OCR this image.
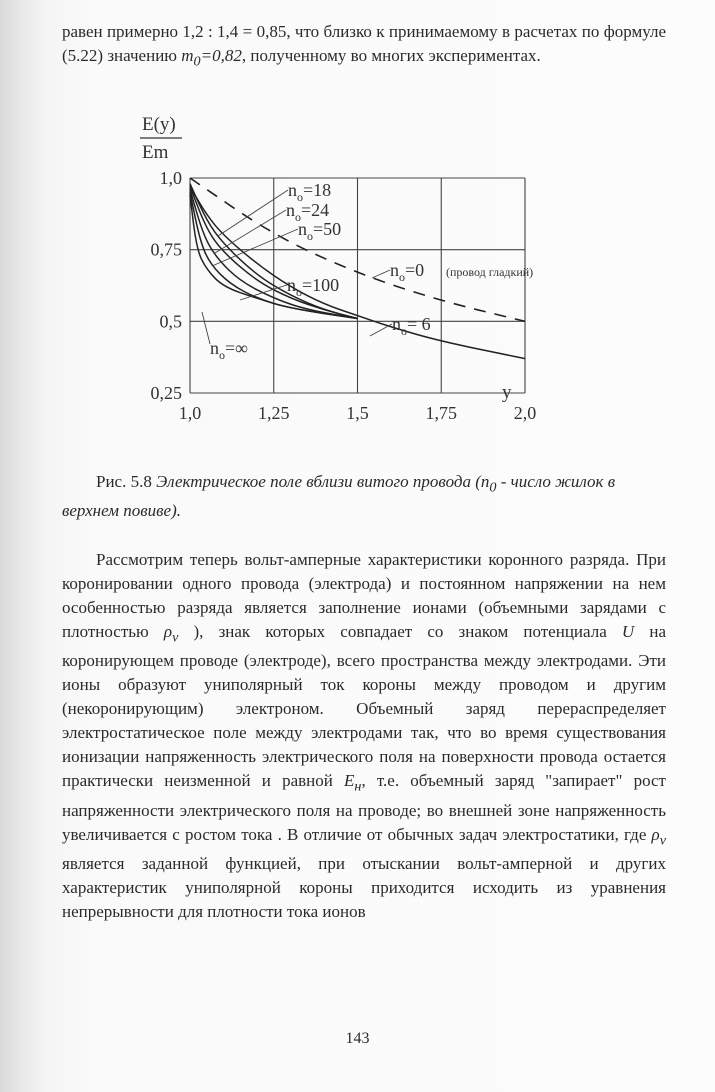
равен примерно 1,2 : 1,4 = 0,85, что близко к принимаемому в расчетах по формуле (5.22) значению $m_0=0,82$, полученному во многих экспериментах.

E(y)
Em
1,0	1,25	1,5	1,75	2,0
1,0
0,75
0,5
0,25	y
$n_o=18$
$n_o=24$
$n_o=50$
$n_o=100$
$n_o=0$ (провод гладкий)
$n_o= 6$
$n_o=\infty$

Рис. 5.8 Электрическое поле вблизи витого провода ($n_0$ - число жилок в верхнем повиве).

Рассмотрим теперь вольт-амперные характеристики коронного разряда. При коронировании одного провода (электрода) и постоянном напряжении на нем особенностью разряда является заполнение ионами (объемными зарядами с плотностью $\rho_v$ ), знак которых совпадает со знаком потенциала U на коронирующем проводе (электроде), всего пространства между электродами. Эти ионы образуют униполярный ток короны между проводом и другим (некоронирующим) электроном. Объемный заряд перераспределяет электростатическое поле между электродами так, что во время существования ионизации напряженность электрического поля на поверхности провода остается практически неизменной и равной $E_н$, т.е. объемный заряд "запирает" рост напряженности электрического поля на проводе; во внешней зоне напряженность увеличивается с ростом тока . В отличие от обычных задач электростатики, где $\rho_v$ является заданной функцией, при отыскании вольт-амперной и других характеристик униполярной короны приходится исходить из уравнения непрерывности для плотности тока ионов

143
